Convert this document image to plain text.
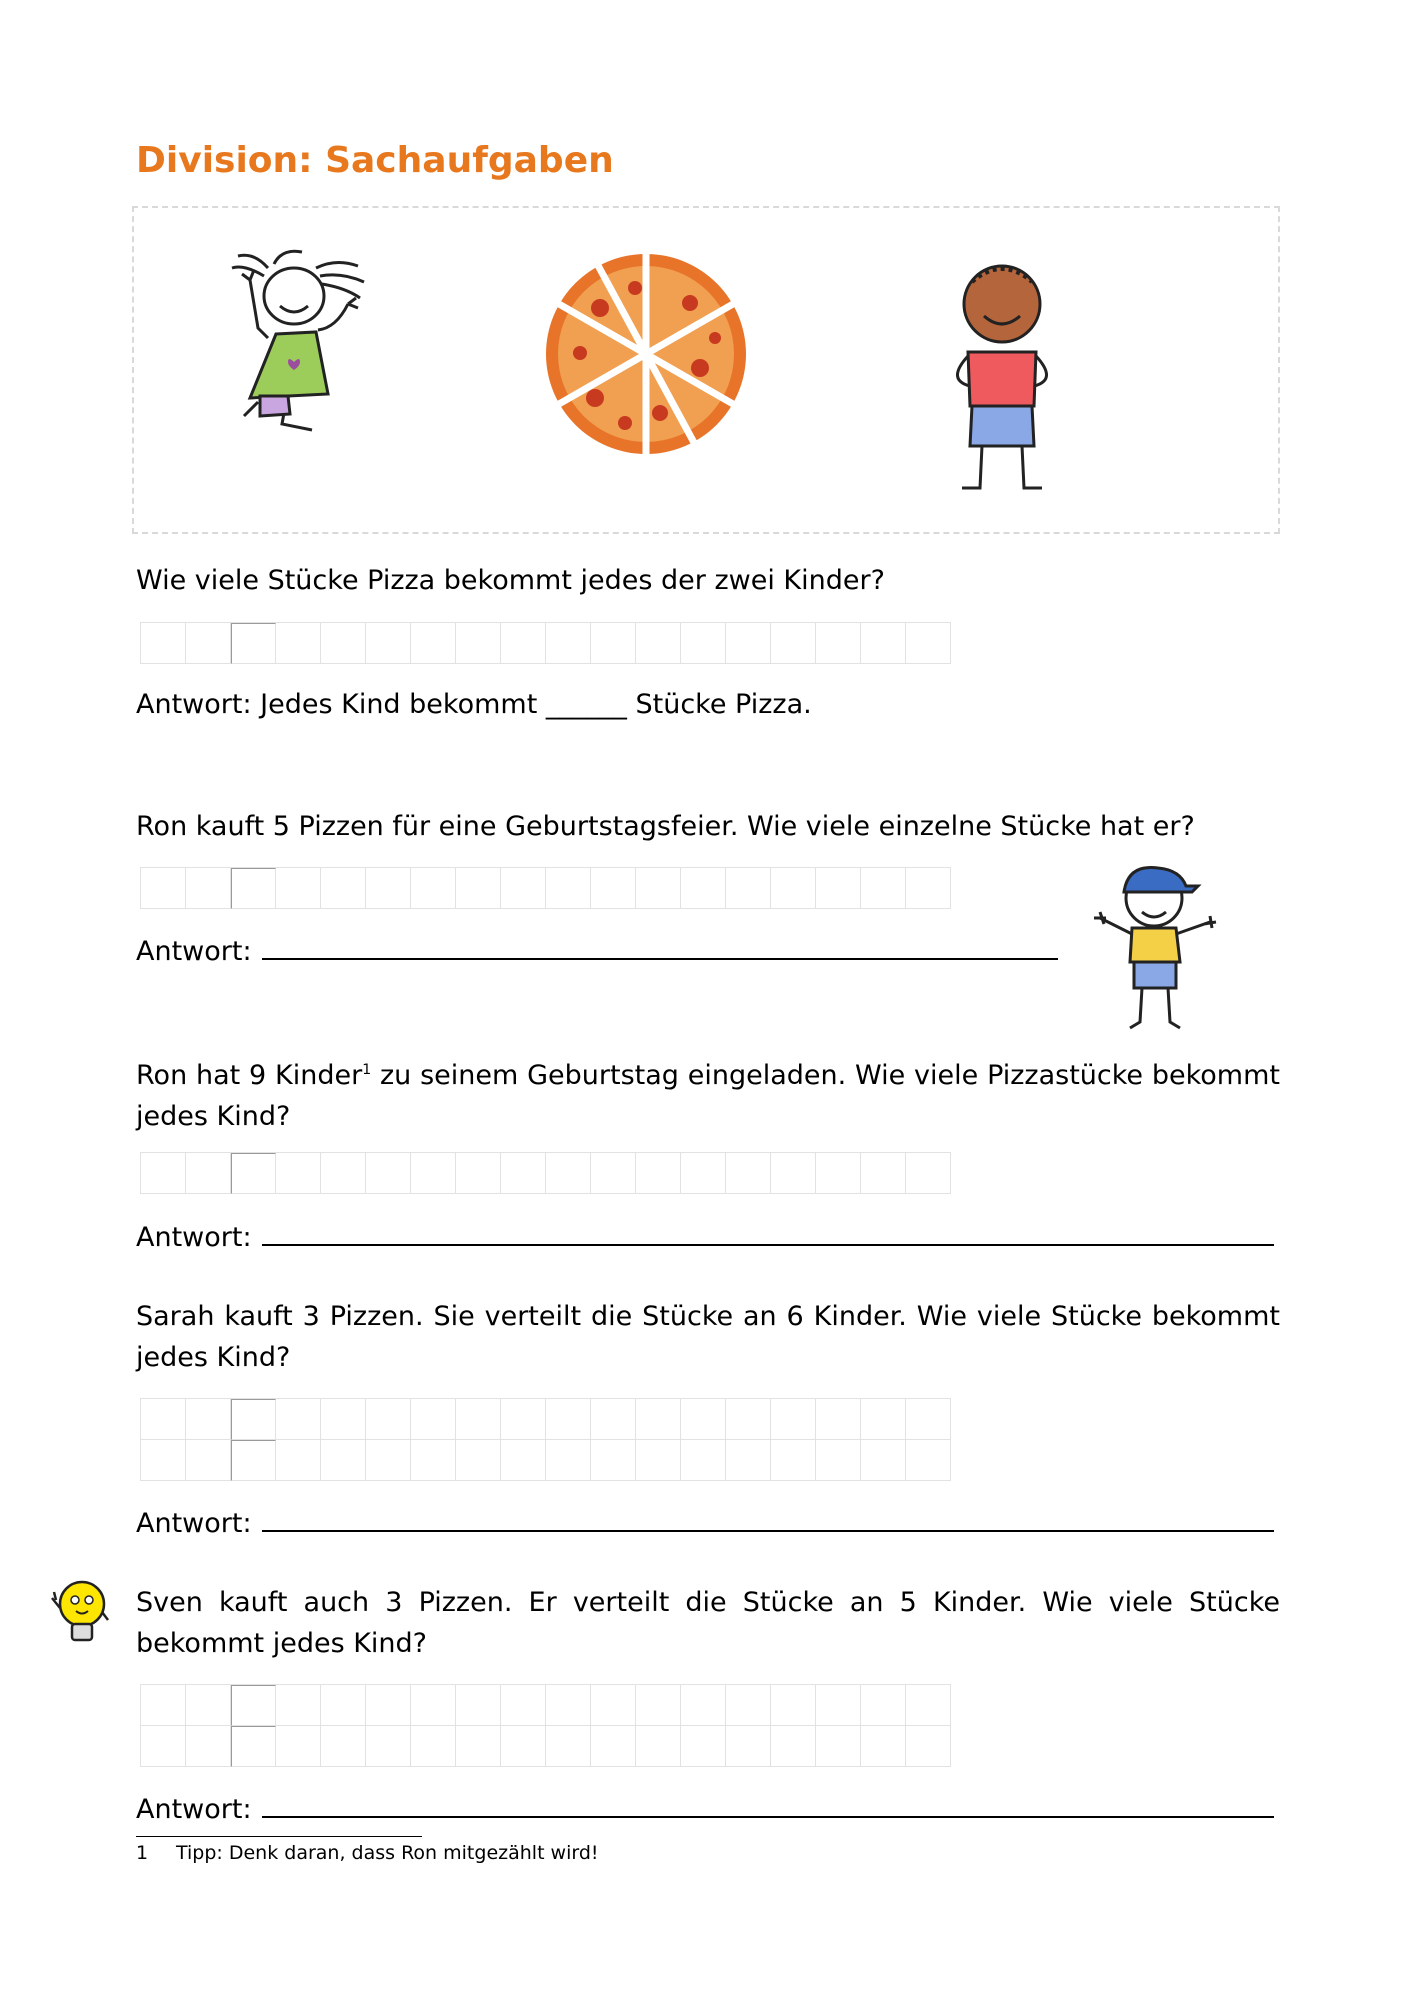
Division: Sachaufgaben
Wie viele Stücke Pizza bekommt jedes der zwei Kinder?
Antwort: Jedes Kind bekommt ______ Stücke Pizza.
Ron kauft 5 Pizzen für eine Geburtstagsfeier. Wie viele einzelne Stücke hat er?
Antwort:
Ron hat 9 Kinder$^1$ zu seinem Geburtstag eingeladen. Wie viele Pizzastücke bekommt jedes Kind?
Antwort:
Sarah kauft 3 Pizzen. Sie verteilt die Stücke an 6 Kinder. Wie viele Stücke bekommt jedes Kind?
Antwort:
Sven kauft auch 3 Pizzen. Er verteilt die Stücke an 5 Kinder. Wie viele Stücke bekommt jedes Kind?
Antwort:
1 Tipp: Denk daran, dass Ron mitgezählt wird!
